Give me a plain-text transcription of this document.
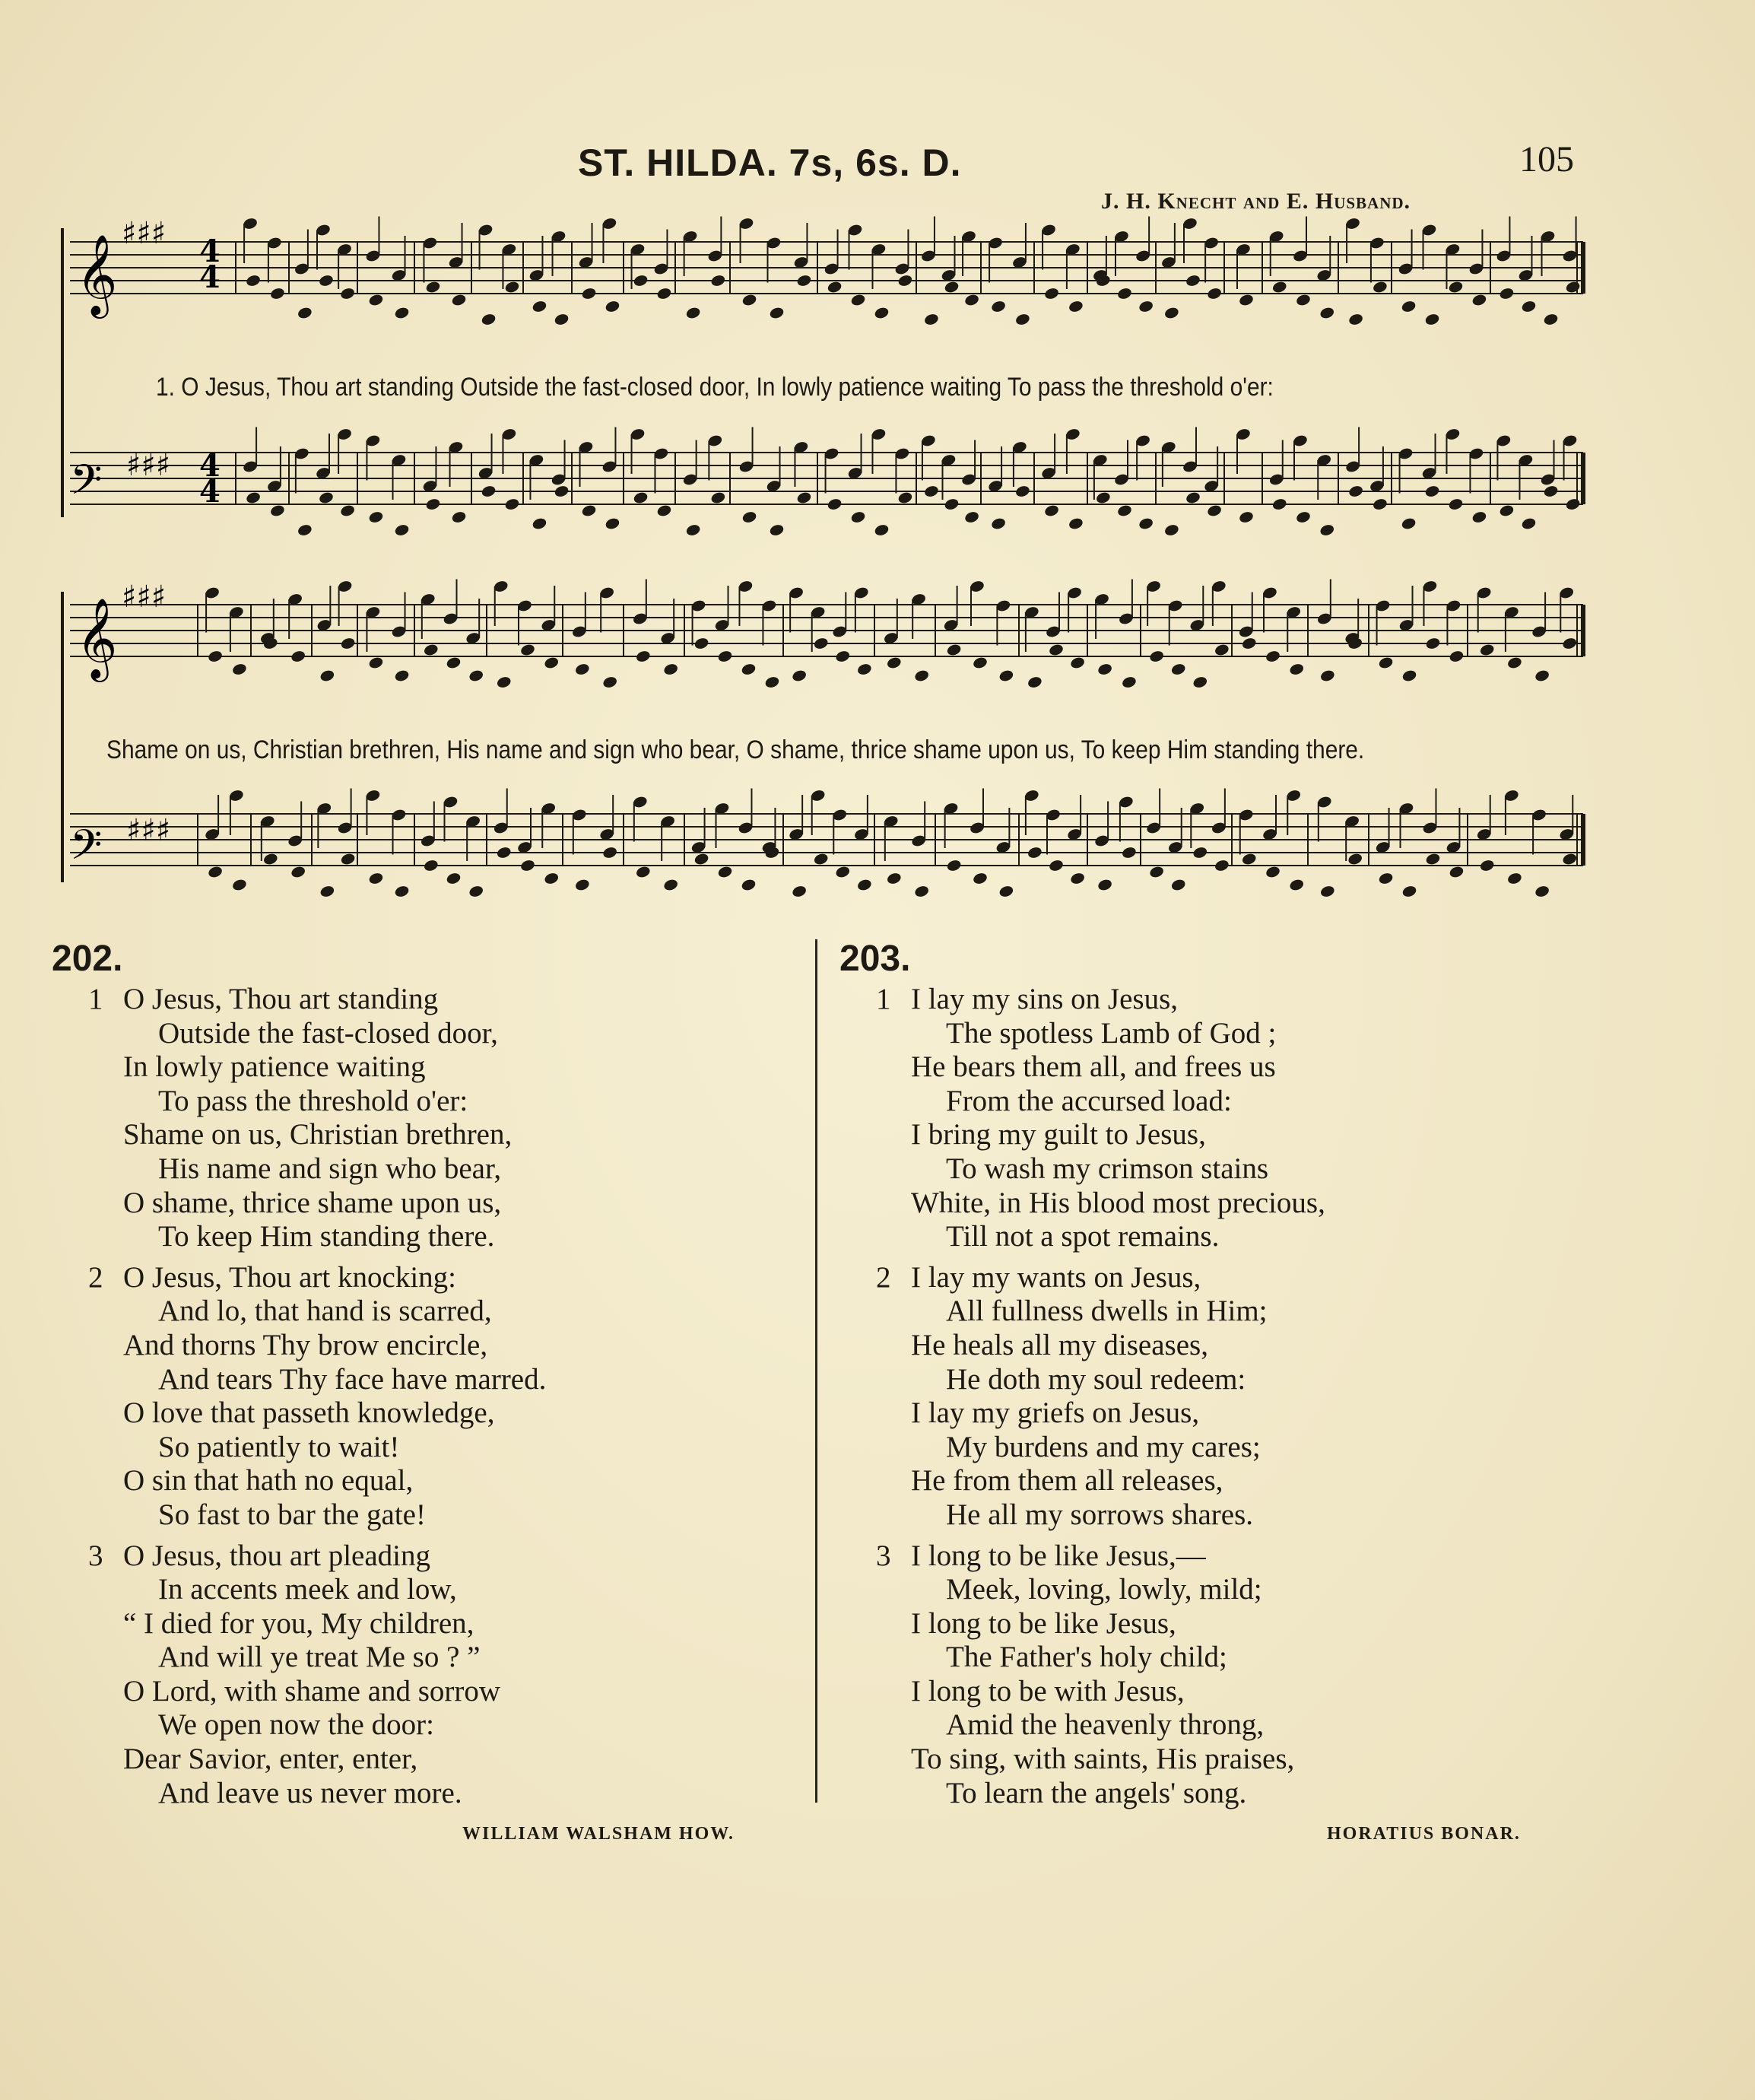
ST. HILDA. 7s, 6s. D.	105
J. H. Knecht and E. Husband.
𝄞
𝄢
𝄞
𝄢
♯♯♯ 4
4
♯♯♯ 4
4
♯♯♯
♯♯♯
1. O Jesus, Thou art standing Outside the fast-closed door, In lowly patience waiting To pass the threshold o'er:
Shame on us, Christian brethren, His name and sign who bear, O shame, thrice shame upon us, To keep Him standing there.
202.
1 O Jesus, Thou art standing
Outside the fast-closed door,
In lowly patience waiting
To pass the threshold o'er:
Shame on us, Christian brethren,
His name and sign who bear,
O shame, thrice shame upon us,
To keep Him standing there.
2 O Jesus, Thou art knocking:
And lo, that hand is scarred,
And thorns Thy brow encircle,
And tears Thy face have marred.
O love that passeth knowledge,
So patiently to wait!
O sin that hath no equal,
So fast to bar the gate!
3 O Jesus, thou art pleading
In accents meek and low,
“ I died for you, My children,
And will ye treat Me so ? ”
O Lord, with shame and sorrow
We open now the door:
Dear Savior, enter, enter,
And leave us never more.
WILLIAM WALSHAM HOW.
203.
1 I lay my sins on Jesus,
The spotless Lamb of God ;
He bears them all, and frees us
From the accursed load:
I bring my guilt to Jesus,
To wash my crimson stains
White, in His blood most precious,
Till not a spot remains.
2 I lay my wants on Jesus,
All fullness dwells in Him;
He heals all my diseases,
He doth my soul redeem:
I lay my griefs on Jesus,
My burdens and my cares;
He from them all releases,
He all my sorrows shares.
3 I long to be like Jesus,—
Meek, loving, lowly, mild;
I long to be like Jesus,
The Father's holy child;
I long to be with Jesus,
Amid the heavenly throng,
To sing, with saints, His praises,
To learn the angels' song.
HORATIUS BONAR.
